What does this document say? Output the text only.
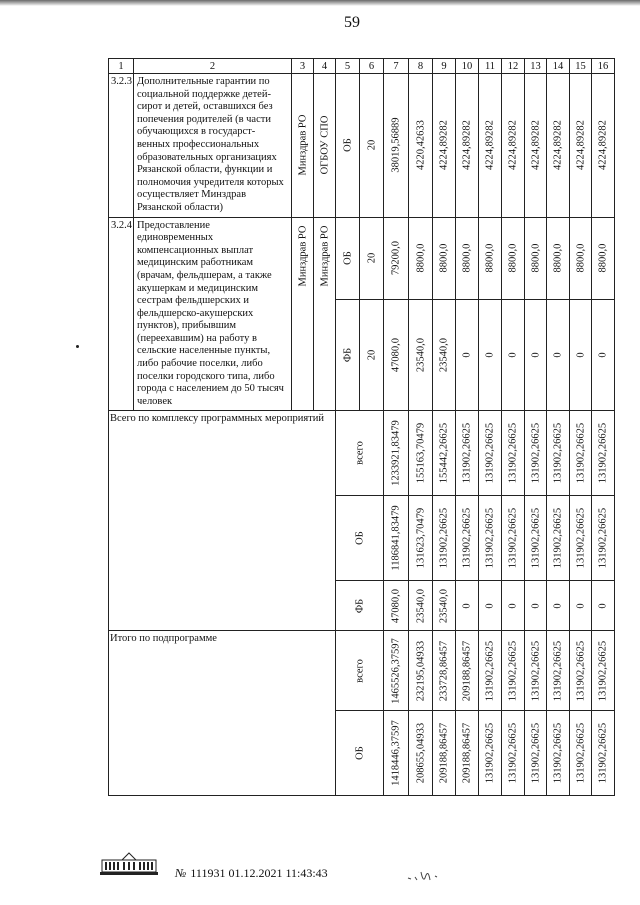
59
1	2	3	4	5	6	7	8	9	10	11	12	13	14	15	16
3.2.3	Дополнительные гарантии по социальной поддержке детей-сирот и детей, оставшихся без попечения родителей (в части обучающихся в государст-венных профессиональных образовательных организациях Рязанской области, функции и полномочия учредителя которых осуществляет Минздрав Рязанской области)	Минздрав РО	ОГБОУ СПО	ОБ	20	38019,56889	4220,42633	4224,89282	4224,89282	4224,89282	4224,89282	4224,89282	4224,89282	4224,89282	4224,89282

3.2.4	Предоставление единовременных компенсационных выплат медицинским работникам (врачам, фельдшерам, а также акушеркам и медицинским сестрам фельдшерских и фельдшерско-акушерских пунктов), прибывшим (переехавшим) на работу в сельские населенные пункты, либо рабочие поселки, либо поселки городского типа, либо города с населением до 50 тысяч человек	Минздрав РО	Минздрав РО	ОБ	20	79200,0	8800,0	8800,0	8800,0	8800,0	8800,0	8800,0	8800,0	8800,0	8800,0

				ФБ	20	47080,0	23540,0	23540,0	0	0	0	0	0	0	0

Всего по комплексу программных мероприятий				всего		1233921,83479	155163,70479	155442,26625	131902,26625	131902,26625	131902,26625	131902,26625	131902,26625	131902,26625	131902,26625

				ОБ		1186841,83479	131623,70479	131902,26625	131902,26625	131902,26625	131902,26625	131902,26625	131902,26625	131902,26625	131902,26625

				ФБ		47080,0	23540,0	23540,0	0	0	0	0	0	0	0

Итого по подпрограмме				всего		1465526,37597	232195,04933	233728,86457	209188,86457	131902,26625	131902,26625	131902,26625	131902,26625	131902,26625	131902,26625

				ОБ		1418446,37597	208655,04933	209188,86457	209188,86457	131902,26625	131902,26625	131902,26625	131902,26625	131902,26625	131902,26625
№ 111931 01.12.2021 11:43:43
